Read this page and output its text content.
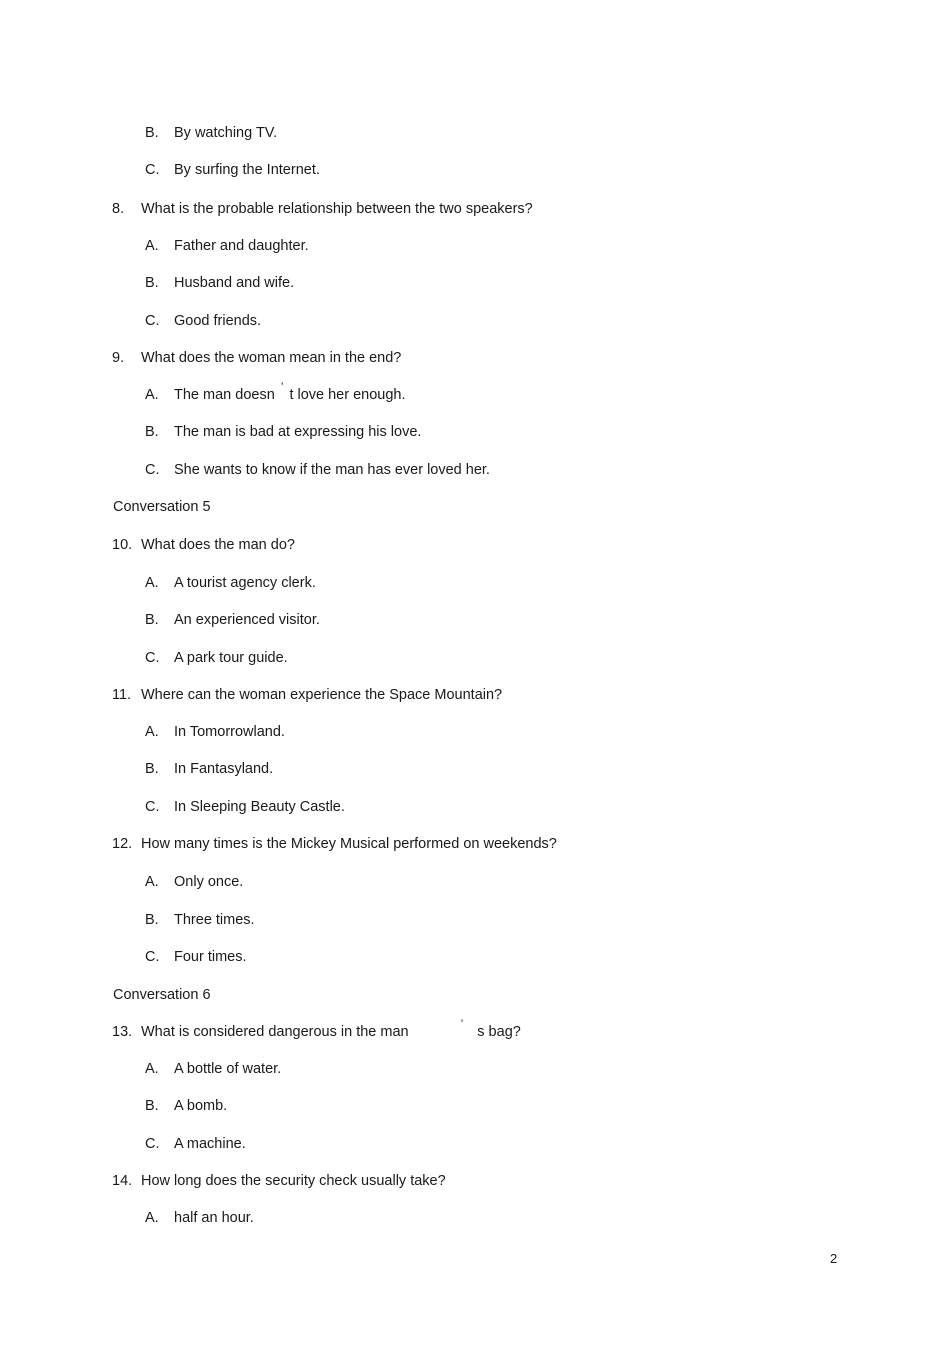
B. By watching TV.
C. By surfing the Internet.
8. What is the probable relationship between the two speakers?
A. Father and daughter.
B. Husband and wife.
C. Good friends.
9. What does the woman mean in the end?
A. The man doesn ’ t love her enough.
B. The man is bad at expressing his love.
C. She wants to know if the man has ever loved her.
Conversation 5
10. What does the man do?
A. A tourist agency clerk.
B. An experienced visitor.
C. A park tour guide.
11. Where can the woman experience the Space Mountain?
A. In Tomorrowland.
B. In Fantasyland.
C. In Sleeping Beauty Castle.
12. How many times is the Mickey Musical performed on weekends?
A. Only once.
B. Three times.
C. Four times.
Conversation 6
13. What is considered dangerous in the man	’ s bag?
A. A bottle of water.
B. A bomb.
C. A machine.
14. How long does the security check usually take?
A. half an hour.
2
